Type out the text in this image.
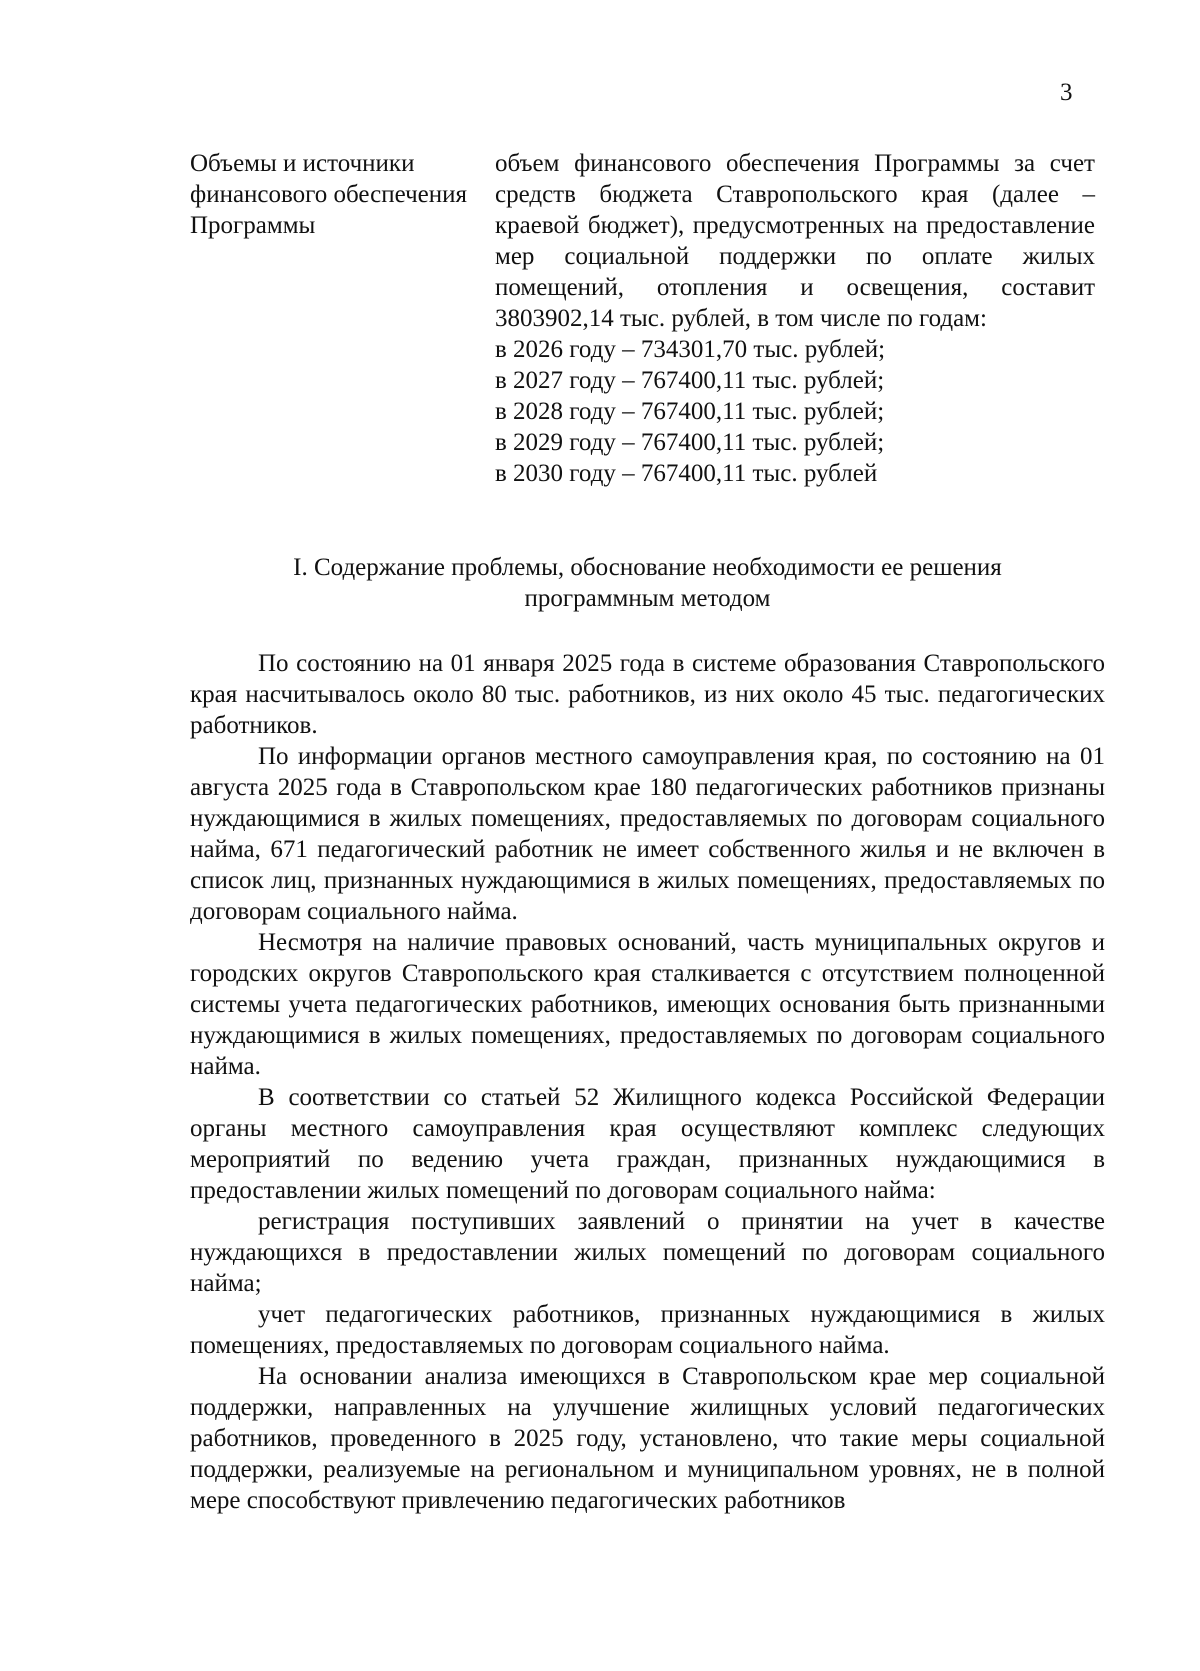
3
Объемы и источники
финансового обеспечения
Программы

объем финансового обеспечения Программы за счет средств бюджета Ставропольского края (далее – краевой бюджет), предусмотренных на предоставление мер социальной поддержки по оплате жилых помещений, отопления и освещения, составит 3803902,14 тыс. рублей, в том числе по годам:

в 2026 году – 734301,70 тыс. рублей;
в 2027 году – 767400,11 тыс. рублей;
в 2028 году – 767400,11 тыс. рублей;
в 2029 году – 767400,11 тыс. рублей;
в 2030 году – 767400,11 тыс. рублей
I. Содержание проблемы, обоснование необходимости ее решения
программным методом

По состоянию на 01 января 2025 года в системе образования Ставропольского края насчитывалось около 80 тыс. работников, из них около 45 тыс. педагогических работников.

По информации органов местного самоуправления края, по состоянию на 01 августа 2025 года в Ставропольском крае 180 педагогических работников признаны нуждающимися в жилых помещениях, предоставляемых по договорам социального найма, 671 педагогический работник не имеет собственного жилья и не включен в список лиц, признанных нуждающимися в жилых помещениях, предоставляемых по договорам социального найма.

Несмотря на наличие правовых оснований, часть муниципальных округов и городских округов Ставропольского края сталкивается с отсутствием полноценной системы учета педагогических работников, имеющих основания быть признанными нуждающимися в жилых помещениях, предоставляемых по договорам социального найма.

В соответствии со статьей 52 Жилищного кодекса Российской Федерации органы местного самоуправления края осуществляют комплекс следующих мероприятий по ведению учета граждан, признанных нуждающимися в предоставлении жилых помещений по договорам социального найма:

регистрация поступивших заявлений о принятии на учет в качестве нуждающихся в предоставлении жилых помещений по договорам социального найма;

учет педагогических работников, признанных нуждающимися в жилых помещениях, предоставляемых по договорам социального найма.

На основании анализа имеющихся в Ставропольском крае мер социальной поддержки, направленных на улучшение жилищных условий педагогических работников, проведенного в 2025 году, установлено, что такие меры социальной поддержки, реализуемые на региональном и муниципальном уровнях, не в полной мере способствуют привлечению педагогических работников
